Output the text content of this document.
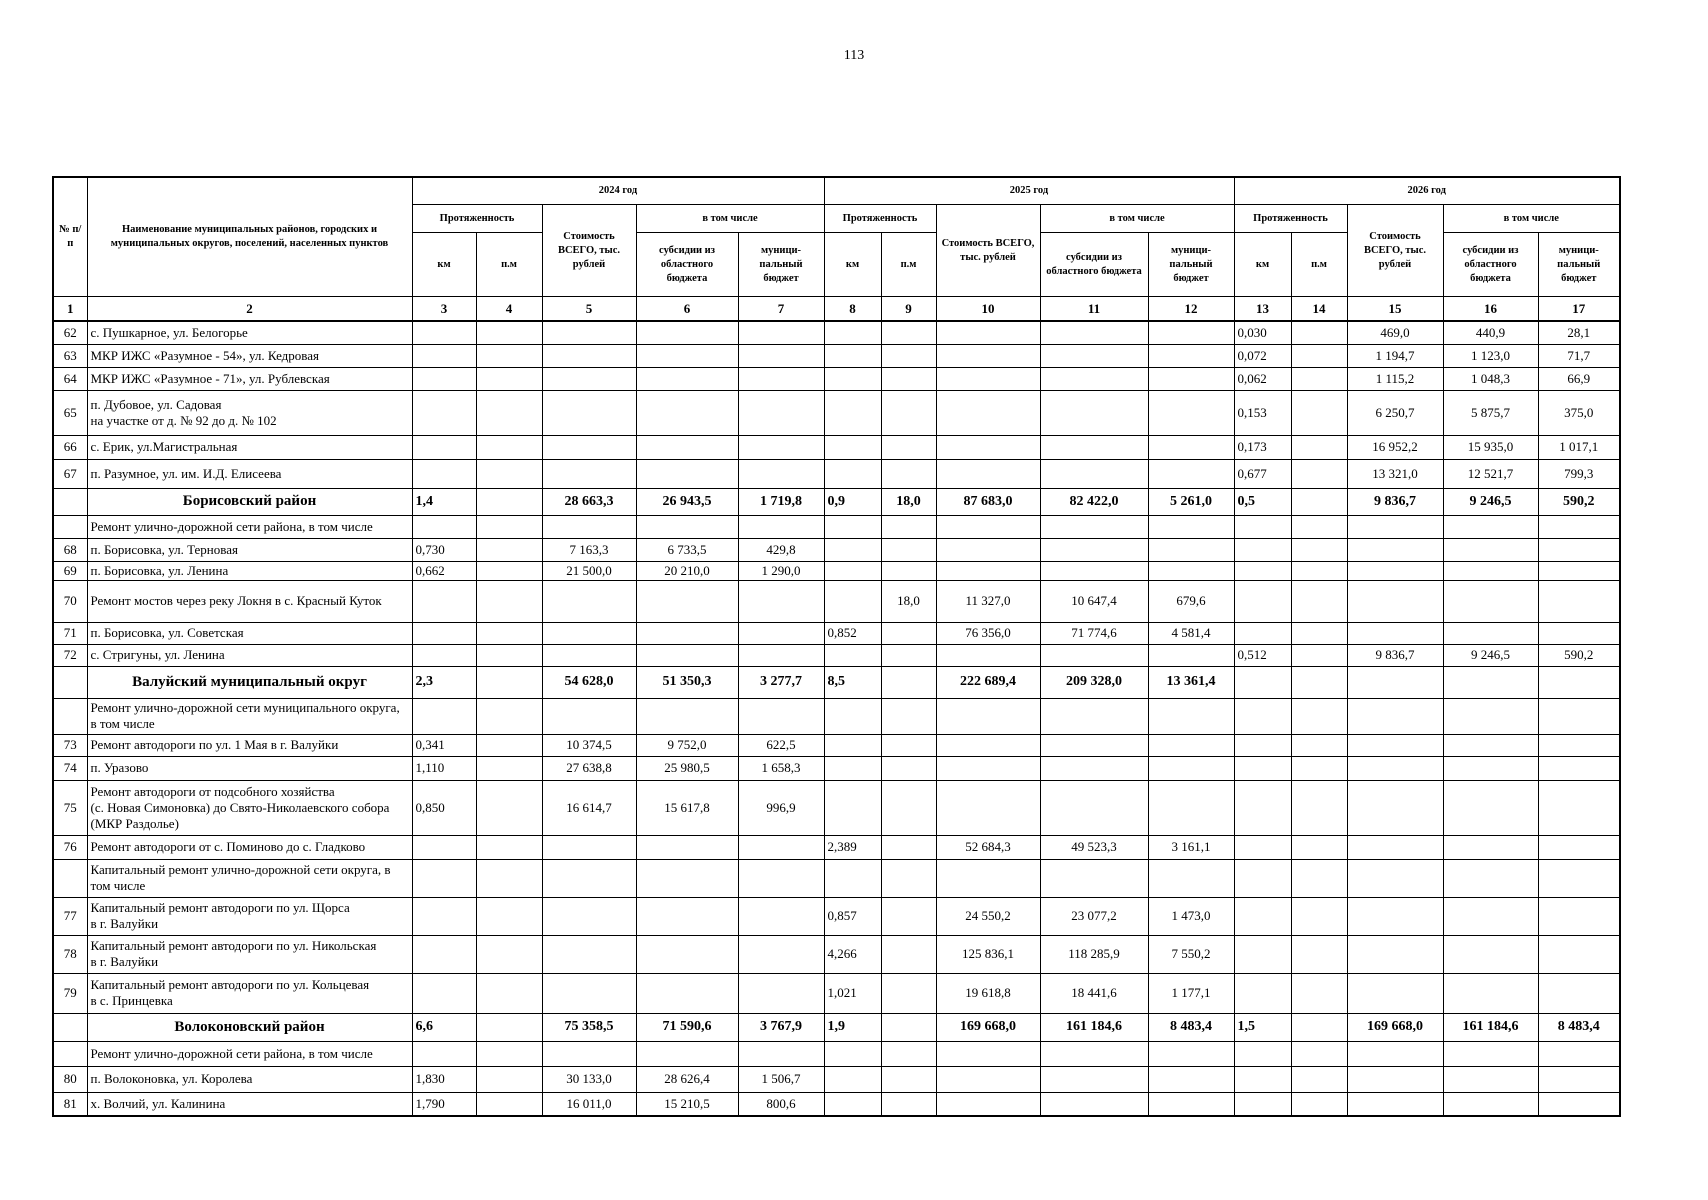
113
№ п/п	Наименование муниципальных районов, городских и муниципальных округов, поселений, населенных пунктов	2024 год					2025 год					2026 год				
		Протяженность		Стоимость ВСЕГО, тыс. рублей	в том числе		Протяженность		Стоимость ВСЕГО, тыс. рублей	в том числе		Протяженность		Стоимость ВСЕГО, тыс. рублей	в том числе	
		км	п.м		субсидии из областного бюджета	муници-пальный бюджет	км	п.м		субсидии из областного бюджета	муници-пальный бюджет	км	п.м		субсидии из областного бюджета	муници-пальный бюджет
1	2	3	4	5	6	7	8	9	10	11	12	13	14	15	16	17
62	с. Пушкарное, ул. Белогорье											0,030		469,0	440,9	28,1
63	МКР ИЖС «Разумное - 54», ул. Кедровая											0,072		1 194,7	1 123,0	71,7
64	МКР ИЖС «Разумное - 71», ул. Рублевская											0,062		1 115,2	1 048,3	66,9
65	п. Дубовое, ул. Садовая
на участке от д. № 92 до д. № 102											0,153		6 250,7	5 875,7	375,0
66	с. Ерик, ул.Магистральная											0,173		16 952,2	15 935,0	1 017,1
67	п. Разумное, ул. им. И.Д. Елисеева											0,677		13 321,0	12 521,7	799,3
	Борисовский район	1,4		28 663,3	26 943,5	1 719,8	0,9	18,0	87 683,0	82 422,0	5 261,0	0,5		9 836,7	9 246,5	590,2
	Ремонт улично-дорожной сети района, в том числе															
68	п. Борисовка, ул. Терновая	0,730		7 163,3	6 733,5	429,8										
69	п. Борисовка, ул. Ленина	0,662		21 500,0	20 210,0	1 290,0										
70	Ремонт мостов через реку Локня в с. Красный Куток							18,0	11 327,0	10 647,4	679,6					
71	п. Борисовка, ул. Советская						0,852		76 356,0	71 774,6	4 581,4					
72	с. Стригуны, ул. Ленина											0,512		9 836,7	9 246,5	590,2
	Валуйский муниципальный округ	2,3		54 628,0	51 350,3	3 277,7	8,5		222 689,4	209 328,0	13 361,4					
	Ремонт улично-дорожной сети муниципального округа, в том числе															
73	Ремонт автодороги по ул. 1 Мая в г. Валуйки	0,341		10 374,5	9 752,0	622,5										
74	п. Уразово	1,110		27 638,8	25 980,5	1 658,3										
75	Ремонт автодороги от подсобного хозяйства
(с. Новая Симоновка) до Свято-Николаевского собора (МКР Раздолье)	0,850		16 614,7	15 617,8	996,9										
76	Ремонт автодороги от с. Поминово до с. Гладково						2,389		52 684,3	49 523,3	3 161,1					
	Капитальный ремонт улично-дорожной сети округа, в том числе															
77	Капитальный ремонт автодороги по ул. Щорса
в г. Валуйки						0,857		24 550,2	23 077,2	1 473,0					
78	Капитальный ремонт автодороги по ул. Никольская
в г. Валуйки						4,266		125 836,1	118 285,9	7 550,2					
79	Капитальный ремонт автодороги по ул. Кольцевая
в с. Принцевка						1,021		19 618,8	18 441,6	1 177,1					
	Волоконовский район	6,6		75 358,5	71 590,6	3 767,9	1,9		169 668,0	161 184,6	8 483,4	1,5		169 668,0	161 184,6	8 483,4
	Ремонт улично-дорожной сети района, в том числе															
80	п. Волоконовка, ул. Королева	1,830		30 133,0	28 626,4	1 506,7										
81	х. Волчий, ул. Калинина	1,790		16 011,0	15 210,5	800,6										
